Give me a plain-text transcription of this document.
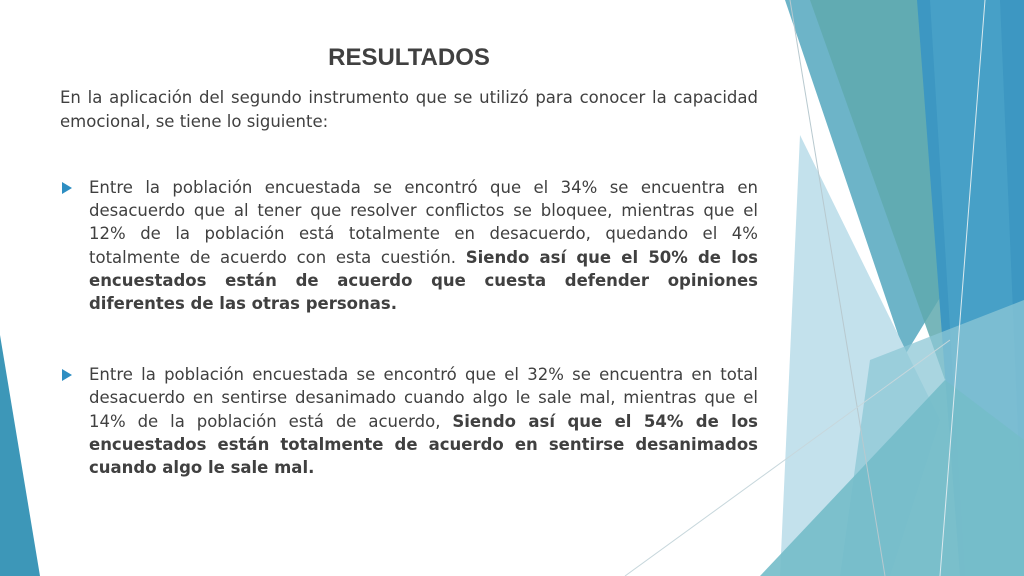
RESULTADOS

En la aplicación del segundo instrumento que se utilizó para conocer la capacidad emocional, se tiene lo siguiente:

Entre la población encuestada se encontró que el 34% se encuentra en desacuerdo que al tener que resolver conflictos se bloquee, mientras que el 12% de la población está totalmente en desacuerdo, quedando el 4% totalmente de acuerdo con esta cuestión. Siendo así que el 50% de los encuestados están de acuerdo que cuesta defender opiniones diferentes de las otras personas.

Entre la población encuestada se encontró que el 32% se encuentra en total desacuerdo en sentirse desanimado cuando algo le sale mal, mientras que el 14% de la población está de acuerdo, Siendo así que el 54% de los encuestados están totalmente de acuerdo en sentirse desanimados cuando algo le sale mal.
